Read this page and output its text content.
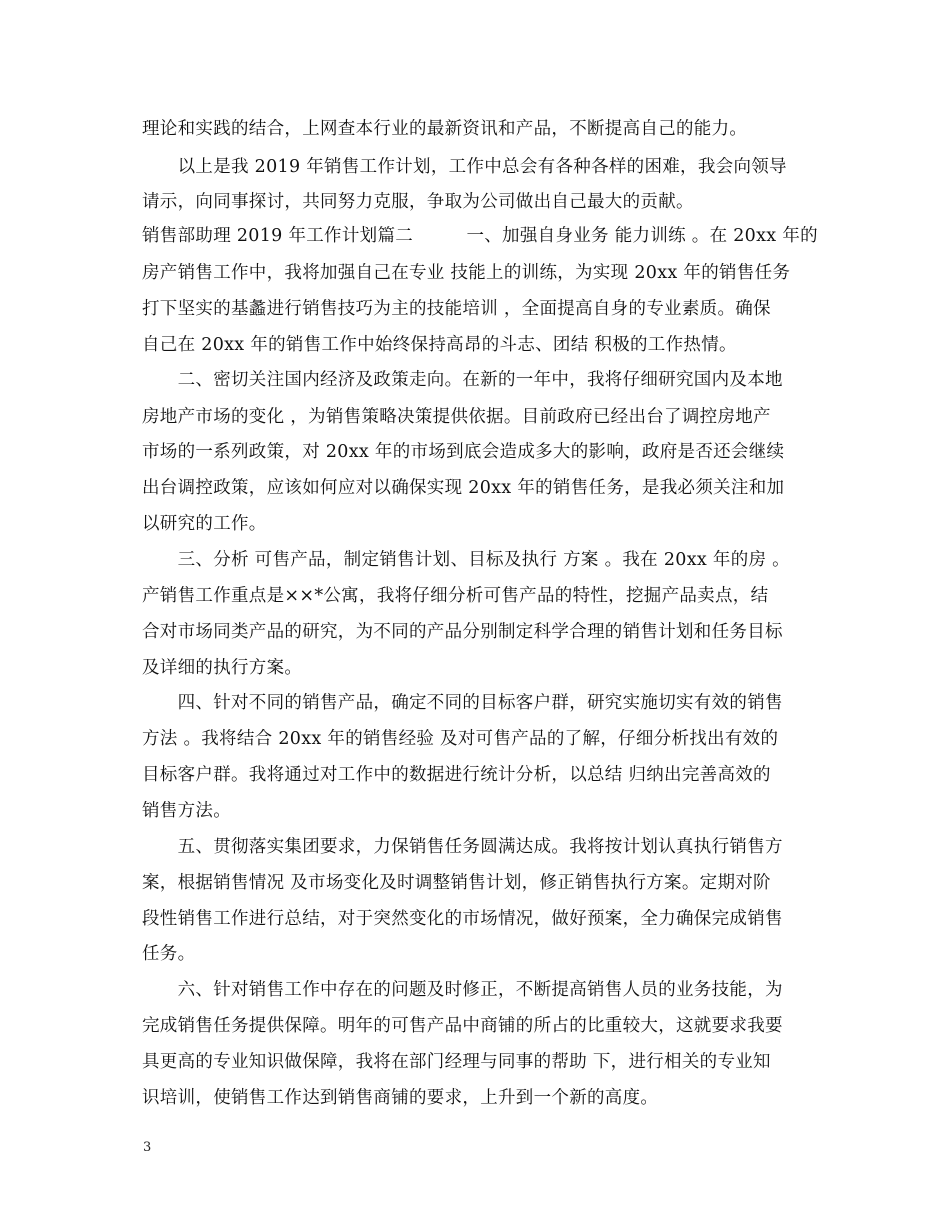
理论和实践的结合，上网查本行业的最新资讯和产品，不断提高自己的能力。
　　以上是我 2019 年销售工作计划，工作中总会有各种各样的困难，我会向领导
请示，向同事探讨，共同努力克服，争取为公司做出自己最大的贡献。
销售部助理 2019 年工作计划篇二　　　一、加强自身业务 能力训练 。在 20xx 年的
房产销售工作中，我将加强自己在专业 技能上的训练，为实现 20xx 年的销售任务
打下坚实的基蠡进行销售技巧为主的技能培训 ，全面提高自身的专业素质。确保
自己在 20xx 年的销售工作中始终保持高昂的斗志、团结 积极的工作热情。
　　二、密切关注国内经济及政策走向。在新的一年中，我将仔细研究国内及本地
房地产市场的变化 ，为销售策略决策提供依据。目前政府已经出台了调控房地产
市场的一系列政策，对 20xx 年的市场到底会造成多大的影响，政府是否还会继续
出台调控政策，应该如何应对以确保实现 20xx 年的销售任务，是我必须关注和加
以研究的工作。
　　三、分析 可售产品，制定销售计划、目标及执行 方案 。我在 20xx 年的房 。
产销售工作重点是××*公寓，我将仔细分析可售产品的特性，挖掘产品卖点，结
合对市场同类产品的研究，为不同的产品分别制定科学合理的销售计划和任务目标
及详细的执行方案。
　　四、针对不同的销售产品，确定不同的目标客户群，研究实施切实有效的销售
方法 。我将结合 20xx 年的销售经验 及对可售产品的了解，仔细分析找出有效的
目标客户群。我将通过对工作中的数据进行统计分析，以总结 归纳出完善高效的
销售方法。
　　五、贯彻落实集团要求，力保销售任务圆满达成。我将按计划认真执行销售方
案，根据销售情况 及市场变化及时调整销售计划，修正销售执行方案。定期对阶
段性销售工作进行总结，对于突然变化的市场情况，做好预案，全力确保完成销售
任务。
　　六、针对销售工作中存在的问题及时修正，不断提高销售人员的业务技能，为
完成销售任务提供保障。明年的可售产品中商铺的所占的比重较大，这就要求我要
具更高的专业知识做保障，我将在部门经理与同事的帮助 下，进行相关的专业知
识培训，使销售工作达到销售商铺的要求，上升到一个新的高度。
3
